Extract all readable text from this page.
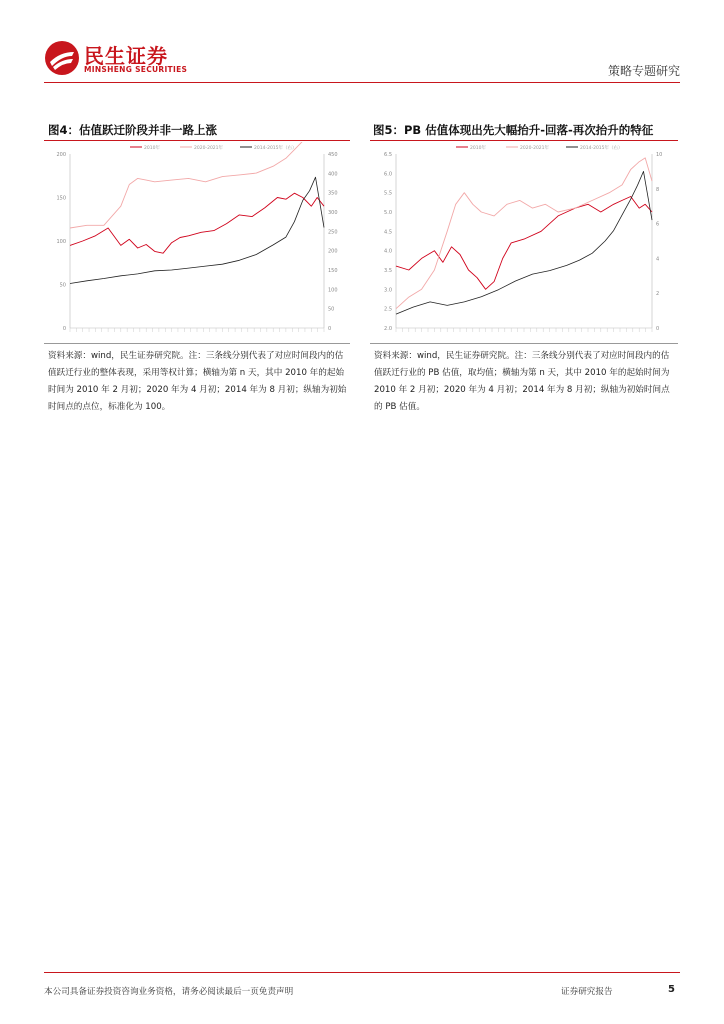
民生证券
MINSHENG SECURITIES	策略专题研究
图4：估值跃迁阶段并非一路上涨	图5：PB 估值体现出先大幅抬升-回落-再次抬升的特征
0
50
100
150
200
0
50
100
150
200
250
300
350
400
450
2010年	2020-2021年	2014-2015年（右）
2.0
2.5
3.0
3.5
4.0
4.5
5.0
5.5
6.0
6.5
0
2
4
6
8
10
2010年	2020-2021年	2014-2015年（右）
资料来源：wind，民生证券研究院。注：三条线分别代表了对应时间段内的估值跃迁行业的整体表现，采用等权计算；横轴为第 n 天，其中 2010 年的起始时间为 2010 年 2 月初；2020 年为 4 月初；2014 年为 8 月初；纵轴为初始时间点的点位，标准化为 100。
资料来源：wind，民生证券研究院。注：三条线分别代表了对应时间段内的估值跃迁行业的 PB 估值，取均值；横轴为第 n 天，其中 2010 年的起始时间为 2010 年 2 月初；2020 年为 4 月初；2014 年为 8 月初；纵轴为初始时间点的 PB 估值。
本公司具备证券投资咨询业务资格，请务必阅读最后一页免责声明	证券研究报告	5
